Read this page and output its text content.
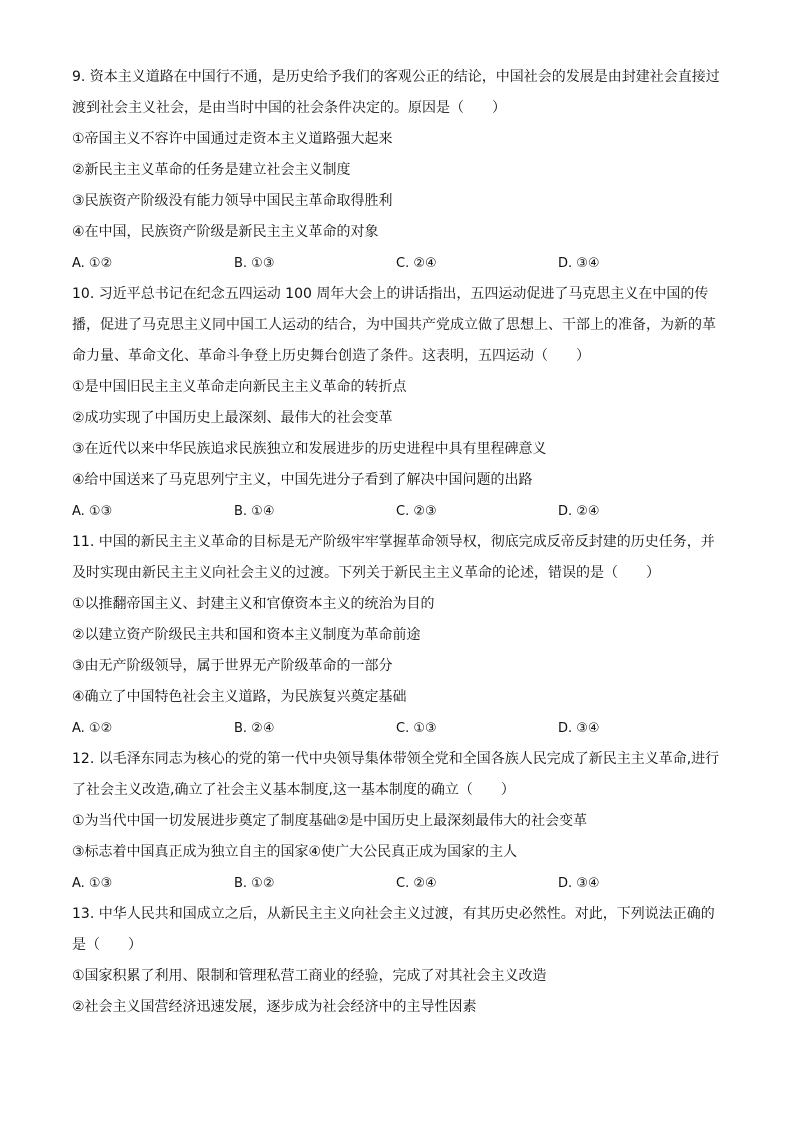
9. 资本主义道路在中国行不通，是历史给予我们的客观公正的结论，中国社会的发展是由封建社会直接过
渡到社会主义社会，是由当时中国的社会条件决定的。原因是（　　）
①帝国主义不容许中国通过走资本主义道路强大起来
②新民主主义革命的任务是建立社会主义制度
③民族资产阶级没有能力领导中国民主革命取得胜利
④在中国，民族资产阶级是新民主主义革命的对象
A. ①②	B. ①③	C. ②④	D. ③④
10. 习近平总书记在纪念五四运动 100 周年大会上的讲话指出，五四运动促进了马克思主义在中国的传
播，促进了马克思主义同中国工人运动的结合，为中国共产党成立做了思想上、干部上的准备，为新的革
命力量、革命文化、革命斗争登上历史舞台创造了条件。这表明，五四运动（　　）
①是中国旧民主主义革命走向新民主主义革命的转折点
②成功实现了中国历史上最深刻、最伟大的社会变革
③在近代以来中华民族追求民族独立和发展进步的历史进程中具有里程碑意义
④给中国送来了马克思列宁主义，中国先进分子看到了解决中国问题的出路
A. ①③	B. ①④	C. ②③	D. ②④
11. 中国的新民主主义革命的目标是无产阶级牢牢掌握革命领导权，彻底完成反帝反封建的历史任务，并
及时实现由新民主主义向社会主义的过渡。下列关于新民主主义革命的论述，错误的是（　　）
①以推翻帝国主义、封建主义和官僚资本主义的统治为目的
②以建立资产阶级民主共和国和资本主义制度为革命前途
③由无产阶级领导，属于世界无产阶级革命的一部分
④确立了中国特色社会主义道路，为民族复兴奠定基础
A. ①②	B. ②④	C. ①③	D. ③④
12. 以毛泽东同志为核心的党的第一代中央领导集体带领全党和全国各族人民完成了新民主主义革命,进行
了社会主义改造,确立了社会主义基本制度,这一基本制度的确立（　　）
①为当代中国一切发展进步奠定了制度基础②是中国历史上最深刻最伟大的社会变革
③标志着中国真正成为独立自主的国家④使广大公民真正成为国家的主人
A. ①③	B. ①②	C. ②④	D. ③④
13. 中华人民共和国成立之后，从新民主主义向社会主义过渡，有其历史必然性。对此，下列说法正确的
是（　　）
①国家积累了利用、限制和管理私营工商业的经验，完成了对其社会主义改造
②社会主义国营经济迅速发展，逐步成为社会经济中的主导性因素
